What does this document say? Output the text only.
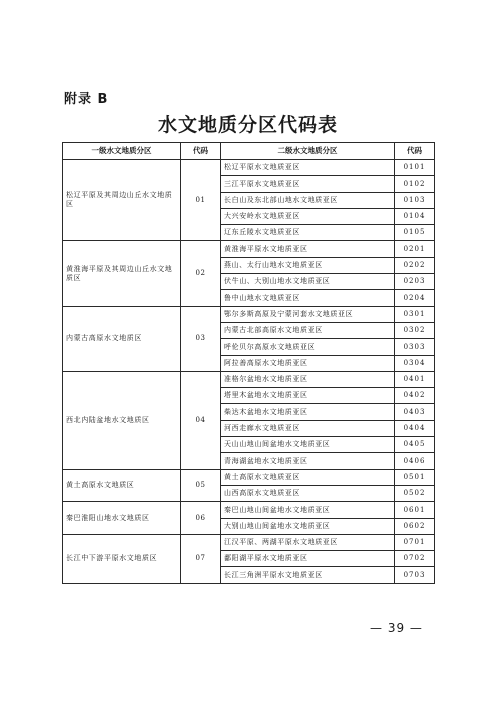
附录 B
水文地质分区代码表
一级水文地质分区	代码	二级水文地质分区	代码
松辽平原及其周边山丘水文地质区	01	松辽平原水文地质亚区	0101
		三江平原水文地质亚区	0102
		长白山及东北部山地水文地质亚区	0103
		大兴安岭水文地质亚区	0104
		辽东丘陵水文地质亚区	0105
黄淮海平原及其周边山丘水文地质区	02	黄淮海平原水文地质亚区	0201
		燕山、太行山地水文地质亚区	0202
		伏牛山、大别山地水文地质亚区	0203
		鲁中山地水文地质亚区	0204
内蒙古高原水文地质区	03	鄂尔多斯高原及宁蒙河套水文地质亚区	0301
		内蒙古北部高原水文地质亚区	0302
		呼伦贝尔高原水文地质亚区	0303
		阿拉善高原水文地质亚区	0304
西北内陆盆地水文地质区	04	准格尔盆地水文地质亚区	0401
		塔里木盆地水文地质亚区	0402
		柴达木盆地水文地质亚区	0403
		河西走廊水文地质亚区	0404
		天山山地山间盆地水文地质亚区	0405
		青海湖盆地水文地质亚区	0406
黄土高原水文地质区	05	黄土高原水文地质亚区	0501
		山西高原水文地质亚区	0502
秦巴淮阳山地水文地质区	06	秦巴山地山间盆地水文地质亚区	0601
		大别山地山间盆地水文地质亚区	0602
长江中下游平原水文地质区	07	江汉平原、两湖平原水文地质亚区	0701
		鄱阳湖平原水文地质亚区	0702
		长江三角洲平原水文地质亚区	0703
— 39 —
